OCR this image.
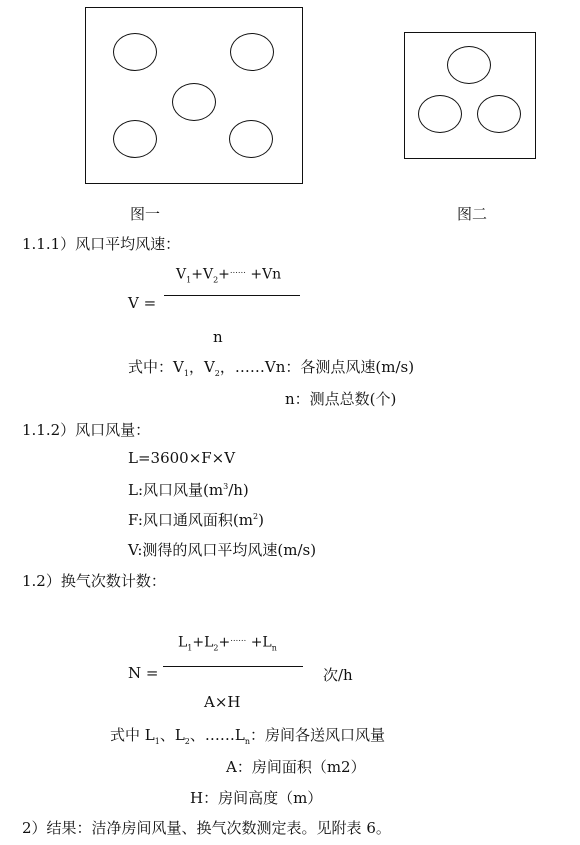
图一	图二
1.1.1）风口平均风速：
$V_1+V_2+^{\dots\dots} +Vn$
V =
n
式中：$V_1$，$V_2$，……Vn：各测点风速(m/s)
n：测点总数(个)
1.1.2）风口风量：
L=3600×F×V
L:风口风量$(m^3/h)$
F:风口通风面积$(m^2)$
V:测得的风口平均风速(m/s)
1.2）换气次数计数：
$L_1+L_2+^{\dots\dots} +L_n$
N =	次/h
A×H
式中 $L_1$、$L_2$、$\dots\dots L_n$：房间各送风口风量
A：房间面积（m2）
H：房间高度（m）
2）结果：洁净房间风量、换气次数测定表。见附表 6。
